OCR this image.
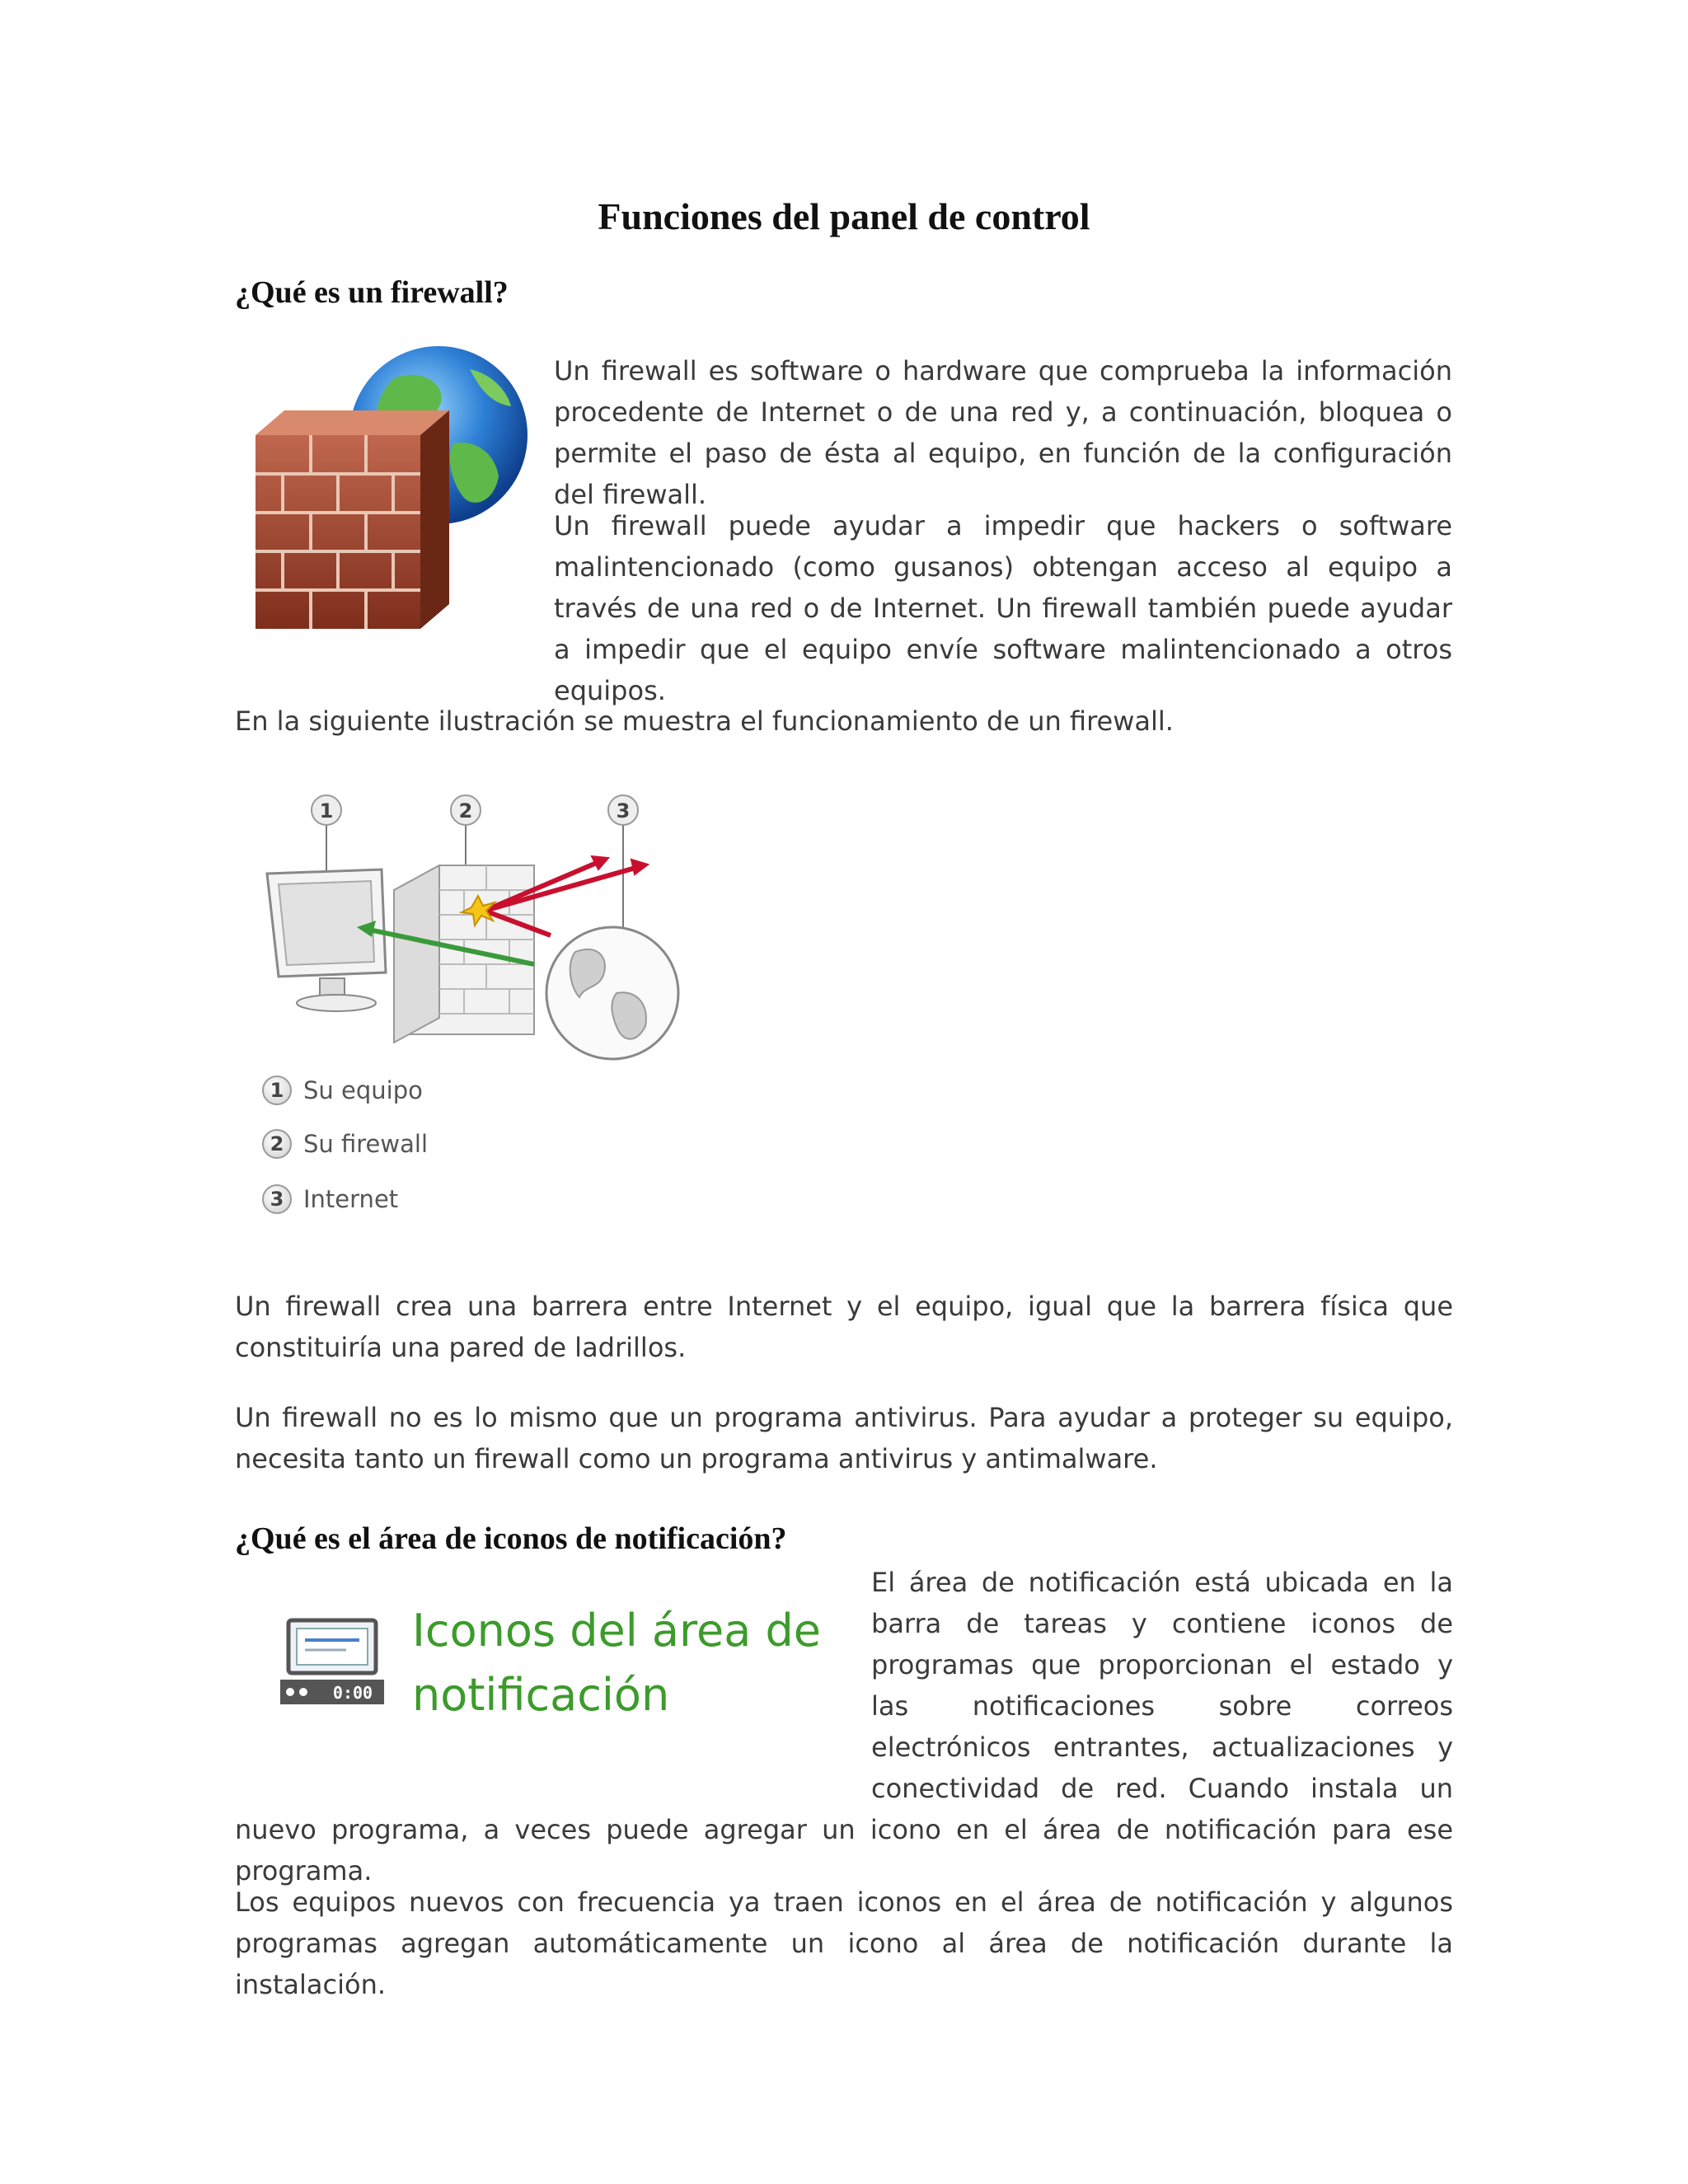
Funciones del panel de control
¿Qué es un firewall?

Un firewall es software o hardware que comprueba la información procedente de Internet o de una red y, a continuación, bloquea o permite el paso de ésta al equipo, en función de la configuración del firewall.

Un firewall puede ayudar a impedir que hackers o software malintencionado (como gusanos) obtengan acceso al equipo a través de una red o de Internet. Un firewall también puede ayudar a impedir que el equipo envíe software malintencionado a otros equipos.

En la siguiente ilustración se muestra el funcionamiento de un firewall.

1	2	3
1 Su equipo
2 Su firewall
3 Internet

Un firewall crea una barrera entre Internet y el equipo, igual que la barrera física que constituiría una pared de ladrillos.

Un firewall no es lo mismo que un programa antivirus. Para ayudar a proteger su equipo, necesita tanto un firewall como un programa antivirus y antimalware.

¿Qué es el área de iconos de notificación?
0:00
Iconos del área de
notificación

El área de notificación está ubicada en la barra de tareas y contiene iconos de programas que proporcionan el estado y las notificaciones sobre correos electrónicos entrantes, actualizaciones y conectividad de red. Cuando instala un nuevo programa, a veces puede agregar un icono en el área de notificación para ese programa.

Los equipos nuevos con frecuencia ya traen iconos en el área de notificación y algunos programas agregan automáticamente un icono al área de notificación durante la instalación.
